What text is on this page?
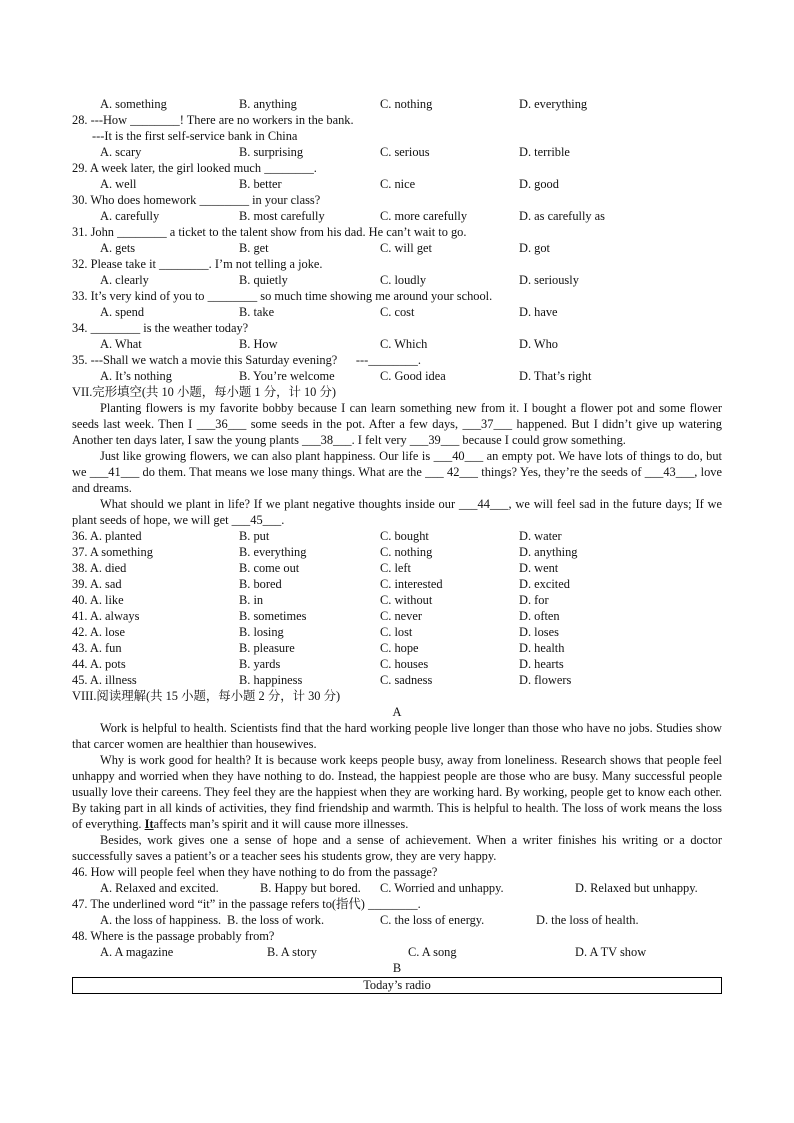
A. something	B. anything	C. nothing	D. everything
28. ---How ________! There are no workers in the bank.
---It is the first self-service bank in China
A. scary	B. surprising	C. serious	D. terrible
29. A week later, the girl looked much ________.
A. well	B. better	C. nice	D. good
30. Who does homework ________ in your class?
A. carefully	B. most carefully	C. more carefully	D. as carefully as
31. John ________ a ticket to the talent show from his dad. He can’t wait to go.
A. gets	B. get	C. will get	D. got
32. Please take it ________. I’m not telling a joke.
A. clearly	B. quietly	C. loudly	D. seriously
33. It’s very kind of you to ________ so much time showing me around your school.
A. spend	B. take	C. cost	D. have
34. ________ is the weather today?
A. What	B. How	C. Which	D. Who
35. ---Shall we watch a movie this Saturday evening?      ---________.
A. It’s nothing	B. You’re welcome	C. Good idea	D. That’s right
VII.完形填空(共 10 小题，每小题 1 分，计 10 分)

Planting flowers is my favorite bobby because I can learn something new from it. I bought a flower pot and some flower seeds last week. Then I ___36___ some seeds in the pot. After a few days, ___37___ happened. But I didn’t give up watering Another ten days later, I saw the young plants ___38___. I felt very ___39___ because I could grow something.

Just like growing flowers, we can also plant happiness. Our life is ___40___ an empty pot. We have lots of things to do, but we ___41___ do them. That means we lose many things. What are the ___ 42___ things? Yes, they’re the seeds of ___43___, love and dreams.

What should we plant in life? If we plant negative thoughts inside our ___44___, we will feel sad in the future days; If we plant seeds of hope, we will get ___45___.

36. A. planted	B. put	C. bought	D. water
37. A something	B. everything	C. nothing	D. anything
38. A. died	B. come out	C. left	D. went
39. A. sad	B. bored	C. interested	D. excited
40. A. like	B. in	C. without	D. for
41. A. always	B. sometimes	C. never	D. often
42. A. lose	B. losing	C. lost	D. loses
43. A. fun	B. pleasure	C. hope	D. health
44. A. pots	B. yards	C. houses	D. hearts
45. A. illness	B. happiness	C. sadness	D. flowers
VIII.阅读理解(共 15 小题，每小题 2 分，计 30 分)
A

Work is helpful to health. Scientists find that the hard working people live longer than those who have no jobs. Studies show that carcer women are healthier than housewives.

Why is work good for health? It is because work keeps people busy, away from loneliness. Research shows that people feel unhappy and worried when they have nothing to do. Instead, the happiest people are those who are busy. Many successful people usually love their careens. They feel they are the happiest when they are working hard. By working, people get to know each other. By taking part in all kinds of activities, they find friendship and warmth. This is helpful to health. The loss of work means the loss of everything. Itaffects man’s spirit and it will cause more illnesses.

Besides, work gives one a sense of hope and a sense of achievement. When a writer finishes his writing or a doctor successfully saves a patient’s or a teacher sees his students grow, they are very happy.

46. How will people feel when they have nothing to do from the passage?
A. Relaxed and excited.	B. Happy but bored. C. Worried and unhappy.	D. Relaxed but unhappy.
47. The underlined word “it” in the passage refers to(指代) ________.
A. the loss of happiness. B. the loss of work.	C. the loss of energy.	D. the loss of health.
48. Where is the passage probably from?
A. A magazine	B. A story	C. A song	D. A TV show
B
Today’s radio
